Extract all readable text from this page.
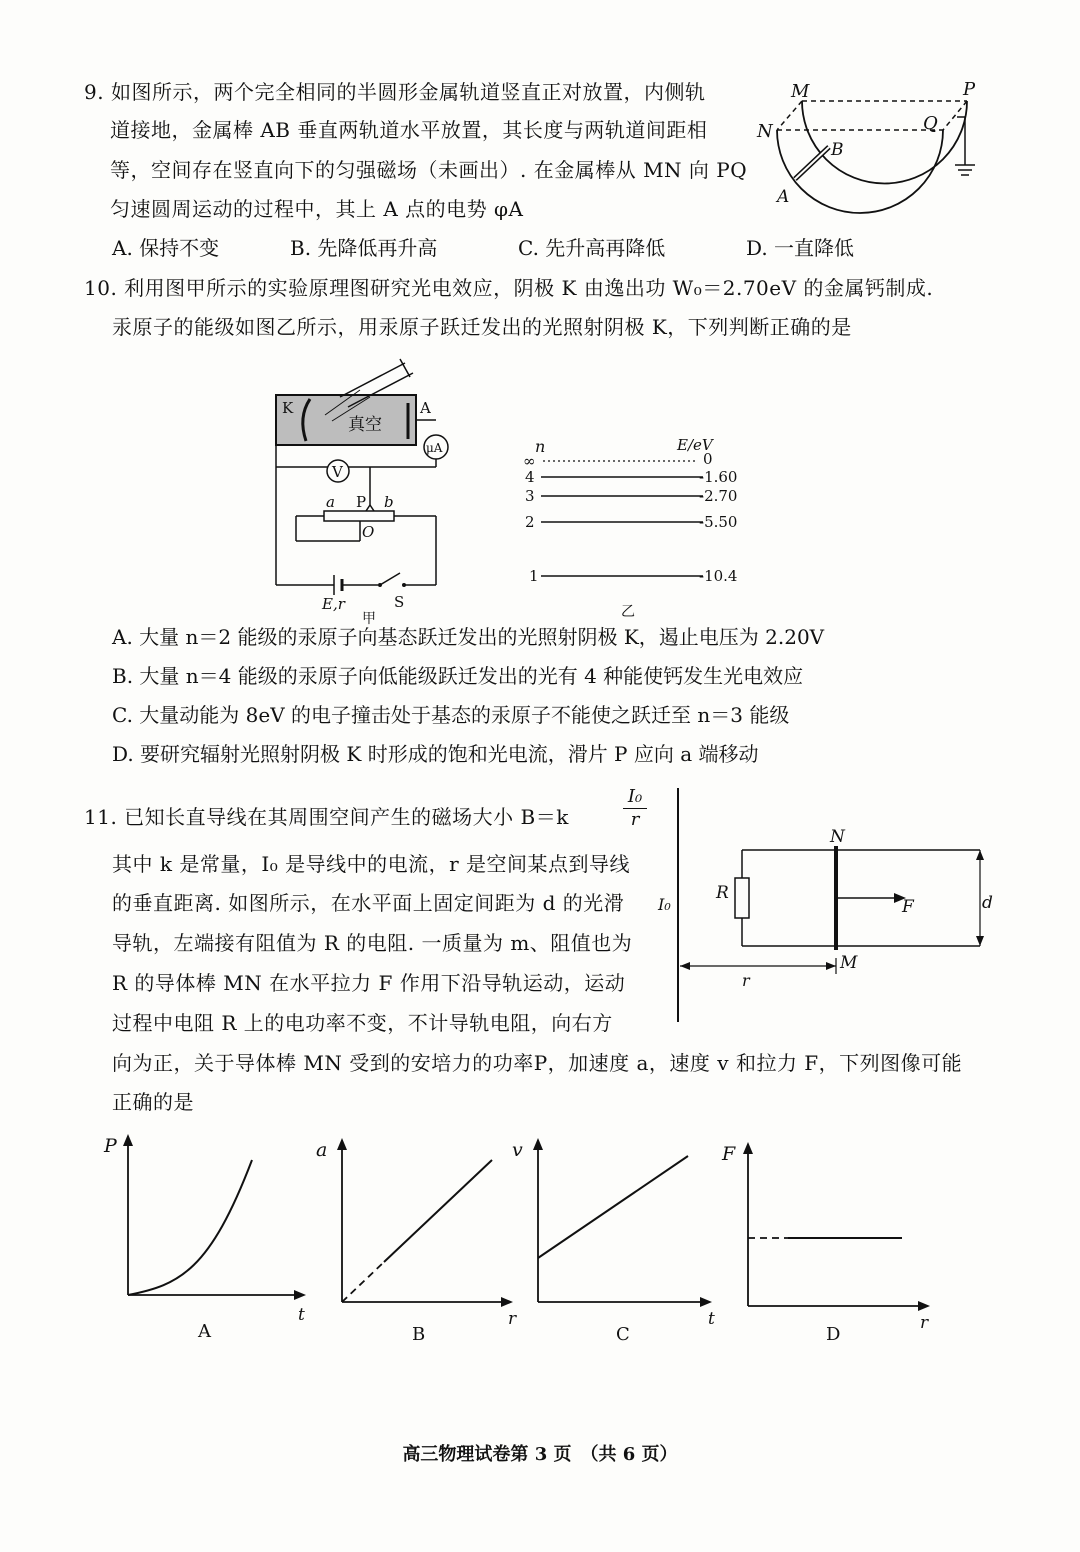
9. 如图所示，两个完全相同的半圆形金属轨道竖直正对放置，内侧轨
道接地，金属棒 AB 垂直两轨道水平放置，其长度与两轨道间距相
等，空间存在竖直向下的匀强磁场（未画出）. 在金属棒从 MN 向 PQ
匀速圆周运动的过程中，其上 A 点的电势 φA
A. 保持不变	B. 先降低再升高	C. 先升高再降低	D. 一直降低
M	P
N	Q
B
A
10. 利用图甲所示的实验原理图研究光电效应，阴极 K 由逸出功 W₀＝2.70eV 的金属钙制成.
汞原子的能级如图乙所示，用汞原子跃迁发出的光照射阴极 K，下列判断正确的是
K	A
真空
μA
V
a P b
O
E,r	S
甲
n	E/eV
∞
4
3
2
1
0
-1.60
-2.70
-5.50
-10.4
乙
A. 大量 n＝2 能级的汞原子向基态跃迁发出的光照射阴极 K，遏止电压为 2.20V
B. 大量 n＝4 能级的汞原子向低能级跃迁发出的光有 4 种能使钙发生光电效应
C. 大量动能为 8eV 的电子撞击处于基态的汞原子不能使之跃迁至 n＝3 能级
D. 要研究辐射光照射阴极 K 时形成的饱和光电流，滑片 P 应向 a 端移动
11. 已知长直导线在其周围空间产生的磁场大小 B＝k
I₀
r
其中 k 是常量，I₀ 是导线中的电流，r 是空间某点到导线
的垂直距离. 如图所示，在水平面上固定间距为 d 的光滑
导轨，左端接有阻值为 R 的电阻. 一质量为 m、阻值也为
R 的导体棒 MN 在水平拉力 F 作用下沿导轨运动，运动
过程中电阻 R 上的电功率不变，不计导轨电阻，向右方
向为正，关于导体棒 MN 受到的安培力的功率P，加速度 a，速度 v 和拉力 F，下列图像可能
正确的是
I₀
N
M
R
F	d
r
P
t
A
a
r
B
v
t
C
F
r
D
高三物理试卷第 3 页　（共 6 页）
